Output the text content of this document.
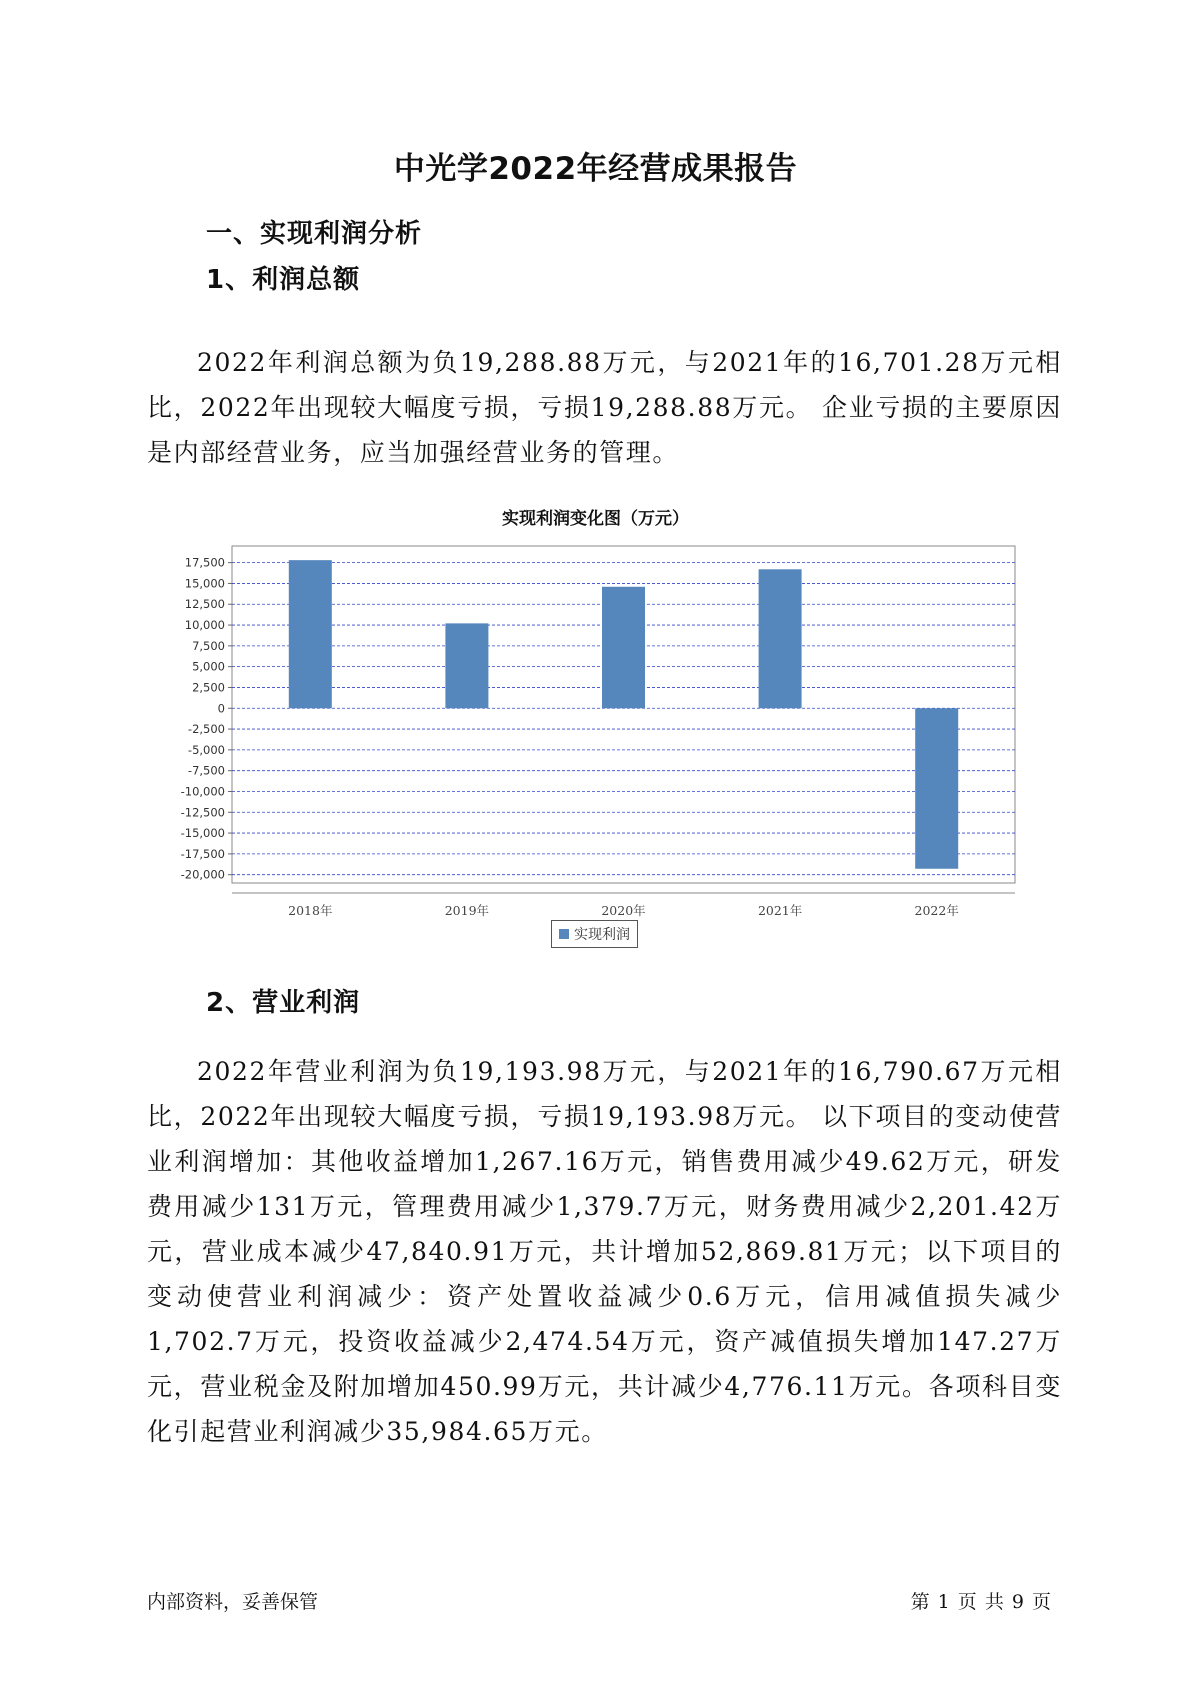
中光学2022年经营成果报告
一、实现利润分析
1、利润总额

2022年利润总额为负19,288.88万元，与2021年的16,701.28万元相比，2022年出现较大幅度亏损，亏损19,288.88万元。 企业亏损的主要原因是内部经营业务，应当加强经营业务的管理。

实现利润变化图（万元）
17,500
15,000
12,500
10,000
7,500
5,000
2,500
0
-2,500
-5,000
-7,500
-10,000
-12,500
-15,000
-17,500
-20,000
2018年	2019年	2020年	2021年	2022年
实现利润
2、营业利润

2022年营业利润为负19,193.98万元，与2021年的16,790.67万元相比，2022年出现较大幅度亏损，亏损19,193.98万元。 以下项目的变动使营业利润增加：其他收益增加1,267.16万元，销售费用减少49.62万元，研发费用减少131万元，管理费用减少1,379.7万元，财务费用减少2,201.42万元，营业成本减少47,840.91万元，共计增加52,869.81万元；以下项目的变动使营业利润减少：资产处置收益减少0.6万元，信用减值损失减少1,702.7万元，投资收益减少2,474.54万元，资产减值损失增加147.27万元，营业税金及附加增加450.99万元，共计减少4,776.11万元。各项科目变化引起营业利润减少35,984.65万元。

内部资料，妥善保管	第 1 页 共 9 页
